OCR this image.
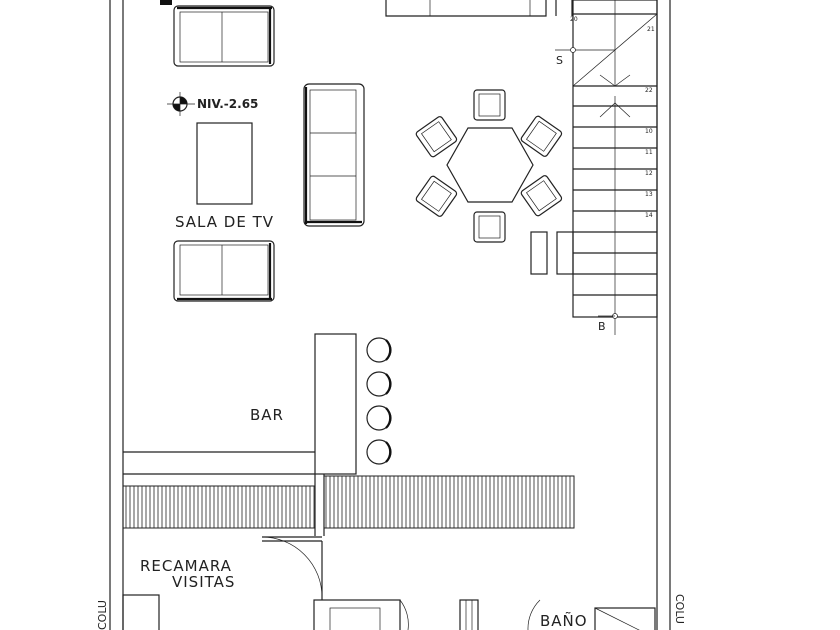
NIV.-2.65
SALA DE TV
20
21
22
10
11
12
13
14
S
B
BAR
RECAMARA
VISITAS
BAÑO
COLU	COLU
